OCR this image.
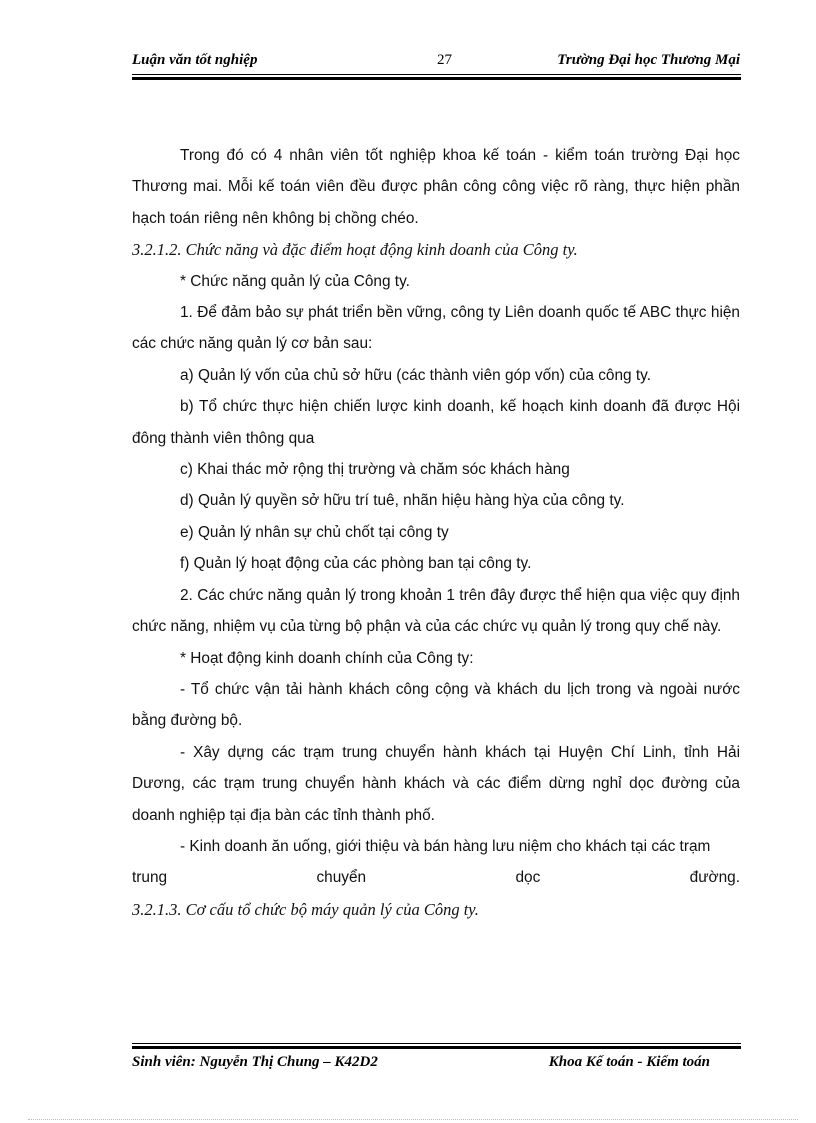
Luận văn tốt nghiệp	27	Trường Đại học Thương Mại

Trong đó có 4 nhân viên tốt nghiệp khoa kế toán - kiểm toán trường Đại học Thương mai. Mỗi kế toán viên đều được phân công công việc rõ ràng, thực hiện phần hạch toán riêng nên không bị chồng chéo.

3.2.1.2. Chức năng và đặc điểm hoạt động kinh doanh của Công ty.

* Chức năng quản lý của Công ty.

1. Để đảm bảo sự phát triển bền vững, công ty Liên doanh quốc tế ABC thực hiện các chức năng quản lý cơ bản sau:

a) Quản lý vốn của chủ sở hữu (các thành viên góp vốn) của công ty.

b) Tổ chức thực hiện chiến lược kinh doanh, kế hoạch kinh doanh đã được Hội đông thành viên thông qua

c) Khai thác mở rộng thị trường và chăm sóc khách hàng

d) Quản lý quyền sở hữu trí tuê, nhãn hiệu hàng hỳa của công ty.

e) Quản lý nhân sự chủ chốt tại công ty

f) Quản lý hoạt động của các phòng ban tại công ty.

2. Các chức năng quản lý trong khoản 1 trên đây được thể hiện qua việc quy định chức năng, nhiệm vụ của từng bộ phận và của các chức vụ quản lý trong quy chế này.

* Hoạt động kinh doanh chính của Công ty:

- Tổ chức vận tải hành khách công cộng và khách du lịch trong và ngoài nước bằng đường bộ.

- Xây dựng các trạm trung chuyển hành khách tại Huyện Chí Linh, tỉnh Hải Dương, các trạm trung chuyển hành khách và các điểm dừng nghỉ dọc đường của doanh nghiệp tại địa bàn các tỉnh thành phố.

- Kinh doanh ăn uống, giới thiệu và bán hàng lưu niệm cho khách tại các trạm

trung	chuyển	dọc	đường.

3.2.1.3. Cơ cấu tổ chức bộ máy quản lý của Công ty.

Sinh viên: Nguyễn Thị Chung – K42D2	Khoa Kế toán - Kiểm toán
